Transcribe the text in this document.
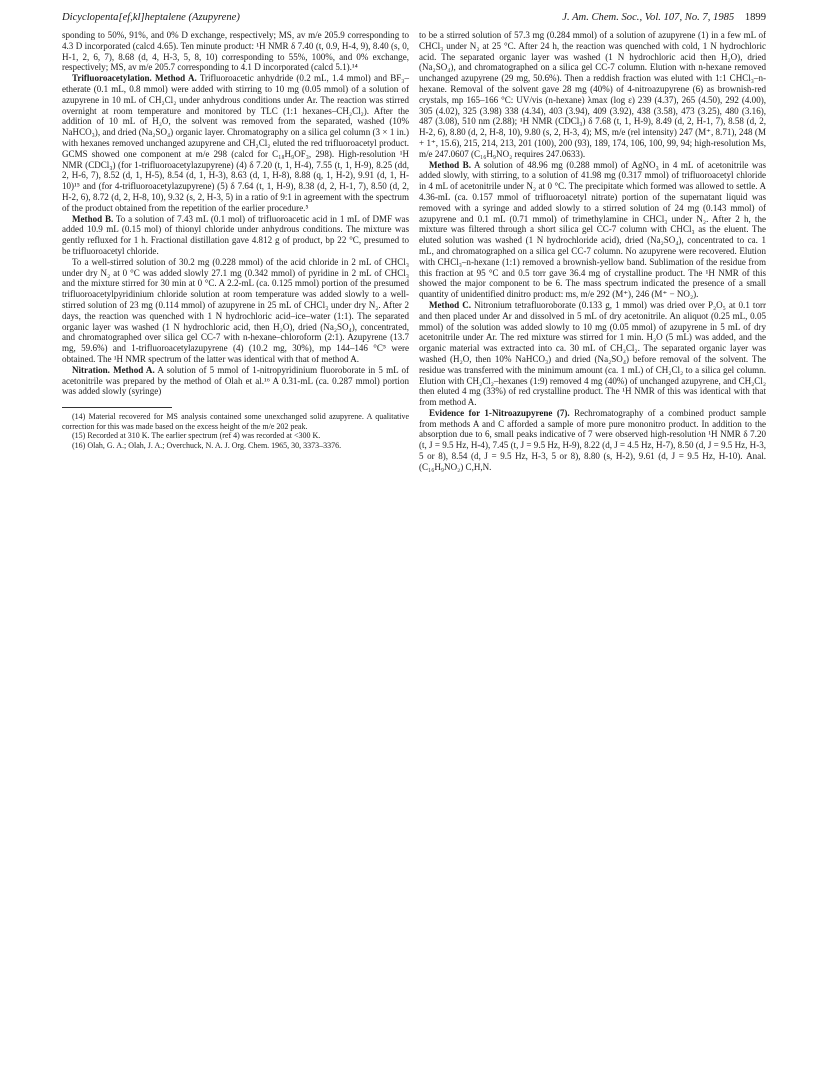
Dicyclopenta[ef,kl]heptalene (Azupyrene)	J. Am. Chem. Soc., Vol. 107, No. 7, 1985 1899

sponding to 50%, 91%, and 0% D exchange, respectively; MS, av m/e 205.9 corresponding to 4.3 D incorporated (calcd 4.65). Ten minute product: ¹H NMR δ 7.40 (t, 0.9, H-4, 9), 8.40 (s, 0, H-1, 2, 6, 7), 8.68 (d, 4, H-3, 5, 8, 10) corresponding to 55%, 100%, and 0% exchange, respectively; MS, av m/e 205.7 corresponding to 4.1 D incorporated (calcd 5.1).¹⁴

Trifluoroacetylation. Method A. Trifluoroacetic anhydride (0.2 mL, 1.4 mmol) and BF₃–etherate (0.1 mL, 0.8 mmol) were added with stirring to 10 mg (0.05 mmol) of a solution of azupyrene in 10 mL of CH₂Cl₂ under anhydrous conditions under Ar. The reaction was stirred overnight at room temperature and monitored by TLC (1:1 hexanes–CH₂Cl₂). After the addition of 10 mL of H₂O, the solvent was removed from the separated, washed (10% NaHCO₃), and dried (Na₂SO₄) organic layer. Chromatography on a silica gel column (3 × 1 in.) with hexanes removed unchanged azupyrene and CH₂Cl₂ eluted the red trifluoroacetyl product. GCMS showed one component at m/e 298 (calcd for C₁₈H₉OF₃, 298). High-resolution ¹H NMR (CDCl₃) (for 1-trifluoroacetylazupyrene) (4) δ 7.20 (t, 1, H-4), 7.55 (t, 1, H-9), 8.25 (dd, 2, H-6, 7), 8.52 (d, 1, H-5), 8.54 (d, 1, H-3), 8.63 (d, 1, H-8), 8.88 (q, 1, H-2), 9.91 (d, 1, H-10)¹⁵ and (for 4-trifluoroacetylazupyrene) (5) δ 7.64 (t, 1, H-9), 8.38 (d, 2, H-1, 7), 8.50 (d, 2, H-2, 6), 8.72 (d, 2, H-8, 10), 9.32 (s, 2, H-3, 5) in a ratio of 9:1 in agreement with the spectrum of the product obtained from the repetition of the earlier procedure.⁵

Method B. To a solution of 7.43 mL (0.1 mol) of trifluoroacetic acid in 1 mL of DMF was added 10.9 mL (0.15 mol) of thionyl chloride under anhydrous conditions. The mixture was gently refluxed for 1 h. Fractional distillation gave 4.812 g of product, bp 22 °C, presumed to be trifluoroacetyl chloride.

To a well-stirred solution of 30.2 mg (0.228 mmol) of the acid chloride in 2 mL of CHCl₃ under dry N₂ at 0 °C was added slowly 27.1 mg (0.342 mmol) of pyridine in 2 mL of CHCl₃ and the mixture stirred for 30 min at 0 °C. A 2.2-mL (ca. 0.125 mmol) portion of the presumed trifluoroacetylpyridinium chloride solution at room temperature was added slowly to a well-stirred solution of 23 mg (0.114 mmol) of azupyrene in 25 mL of CHCl₃ under dry N₂. After 2 days, the reaction was quenched with 1 N hydrochloric acid–ice–water (1:1). The separated organic layer was washed (1 N hydrochloric acid, then H₂O), dried (Na₂SO₄), concentrated, and chromatographed over silica gel CC-7 with n-hexane–chloroform (2:1). Azupyrene (13.7 mg, 59.6%) and 1-trifluoroacetylazupyrene (4) (10.2 mg, 30%), mp 144–146 °C⁵ were obtained. The ¹H NMR spectrum of the latter was identical with that of method A.

Nitration. Method A. A solution of 5 mmol of 1-nitropyridinium fluoroborate in 5 mL of acetonitrile was prepared by the method of Olah et al.¹⁶ A 0.31-mL (ca. 0.287 mmol) portion was added slowly (syringe)

(14) Material recovered for MS analysis contained some unexchanged solid azupyrene. A qualitative correction for this was made based on the excess height of the m/e 202 peak.

(15) Recorded at 310 K. The earlier spectrum (ref 4) was recorded at <300 K.

(16) Olah, G. A.; Olah, J. A.; Overchuck, N. A. J. Org. Chem. 1965, 30, 3373–3376.

to be a stirred solution of 57.3 mg (0.284 mmol) of a solution of azupyrene (1) in a few mL of CHCl₃ under N₂ at 25 °C. After 24 h, the reaction was quenched with cold, 1 N hydrochloric acid. The separated organic layer was washed (1 N hydrochloric acid then H₂O), dried (Na₂SO₄), and chromatographed on a silica gel CC-7 column. Elution with n-hexane removed unchanged azupyrene (29 mg, 50.6%). Then a reddish fraction was eluted with 1:1 CHCl₃–n-hexane. Removal of the solvent gave 28 mg (40%) of 4-nitroazupyrene (6) as brownish-red crystals, mp 165–166 °C: UV/vis (n-hexane) λmax (log ε) 239 (4.37), 265 (4.50), 292 (4.00), 305 (4.02), 325 (3.98) 338 (4.34), 403 (3.94), 409 (3.92), 438 (3.58), 473 (3.25), 480 (3.16), 487 (3.08), 510 nm (2.88); ¹H NMR (CDCl₃) δ 7.68 (t, 1, H-9), 8.49 (d, 2, H-1, 7), 8.58 (d, 2, H-2, 6), 8.80 (d, 2, H-8, 10), 9.80 (s, 2, H-3, 4); MS, m/e (rel intensity) 247 (M⁺, 8.71), 248 (M + 1⁺, 15.6), 215, 214, 213, 201 (100), 200 (93), 189, 174, 106, 100, 99, 94; high-resolution Ms, m/e 247.0607 (C₁₆H₉NO₂ requires 247.0633).

Method B. A solution of 48.96 mg (0.288 mmol) of AgNO₃ in 4 mL of acetonitrile was added slowly, with stirring, to a solution of 41.98 mg (0.317 mmol) of trifluoroacetyl chloride in 4 mL of acetonitrile under N₂ at 0 °C. The precipitate which formed was allowed to settle. A 4.36-mL (ca. 0.157 mmol of trifluoroacetyl nitrate) portion of the supernatant liquid was removed with a syringe and added slowly to a stirred solution of 24 mg (0.143 mmol) of azupyrene and 0.1 mL (0.71 mmol) of trimethylamine in CHCl₃ under N₂. After 2 h, the mixture was filtered through a short silica gel CC-7 column with CHCl₃ as the eluent. The eluted solution was washed (1 N hydrochloride acid), dried (Na₂SO₄), concentrated to ca. 1 mL, and chromatographed on a silica gel CC-7 column. No azupyrene were recovered. Elution with CHCl₃–n-hexane (1:1) removed a brownish-yellow band. Sublimation of the residue from this fraction at 95 °C and 0.5 torr gave 36.4 mg of crystalline product. The ¹H NMR of this showed the major component to be 6. The mass spectrum indicated the presence of a small quantity of unidentified dinitro product: ms, m/e 292 (M⁺), 246 (M⁺ − NO₂).

Method C. Nitronium tetrafluoroborate (0.133 g, 1 mmol) was dried over P₂O₅ at 0.1 torr and then placed under Ar and dissolved in 5 mL of dry acetonitrile. An aliquot (0.25 mL, 0.05 mmol) of the solution was added slowly to 10 mg (0.05 mmol) of azupyrene in 5 mL of dry acetonitrile under Ar. The red mixture was stirred for 1 min. H₂O (5 mL) was added, and the organic material was extracted into ca. 30 mL of CH₂Cl₂. The separated organic layer was washed (H₂O, then 10% NaHCO₃) and dried (Na₂SO₄) before removal of the solvent. The residue was transferred with the minimum amount (ca. 1 mL) of CH₂Cl₂ to a silica gel column. Elution with CH₂Cl₂–hexanes (1:9) removed 4 mg (40%) of unchanged azupyrene, and CH₂Cl₂ then eluted 4 mg (33%) of red crystalline product. The ¹H NMR of this was identical with that from method A.

Evidence for 1-Nitroazupyrene (7). Rechromatography of a combined product sample from methods A and C afforded a sample of more pure mononitro product. In addition to the absorption due to 6, small peaks indicative of 7 were observed high-resolution ¹H NMR δ 7.20 (t, J = 9.5 Hz, H-4), 7.45 (t, J = 9.5 Hz, H-9), 8.22 (d, J = 4.5 Hz, H-7), 8.50 (d, J = 9.5 Hz, H-3, 5 or 8), 8.54 (d, J = 9.5 Hz, H-3, 5 or 8), 8.80 (s, H-2), 9.61 (d, J = 9.5 Hz, H-10). Anal. (C₁₆H₉NO₂) C,H,N.
